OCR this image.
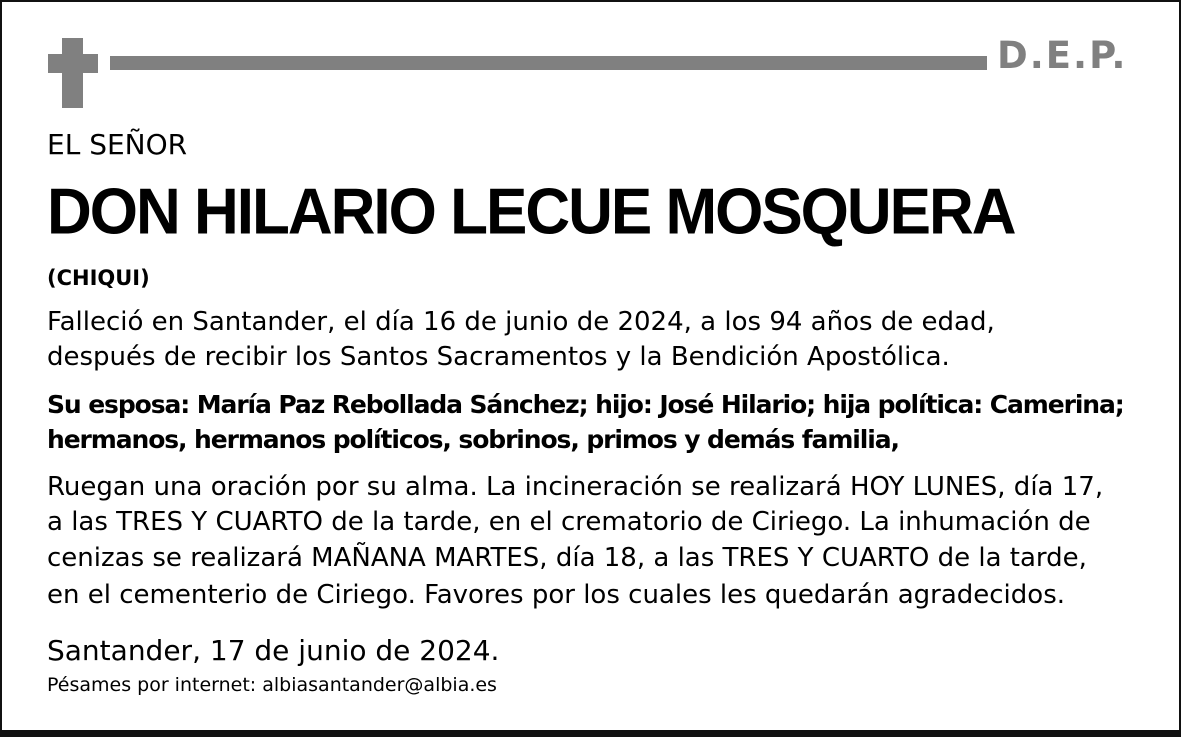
D.E.P.
EL SEÑOR
DON HILARIO LECUE MOSQUERA
(CHIQUI)
Falleció en Santander, el día 16 de junio de 2024, a los 94 años de edad,
después de recibir los Santos Sacramentos y la Bendición Apostólica.
Su esposa: María Paz Rebollada Sánchez; hijo: José Hilario; hija política: Camerina;
hermanos, hermanos políticos, sobrinos, primos y demás familia,
Ruegan una oración por su alma. La incineración se realizará HOY LUNES, día 17,
a las TRES Y CUARTO de la tarde, en el crematorio de Ciriego. La inhumación de
cenizas se realizará MAÑANA MARTES, día 18, a las TRES Y CUARTO de la tarde,
en el cementerio de Ciriego. Favores por los cuales les quedarán agradecidos.
Santander, 17 de junio de 2024.
Pésames por internet: albiasantander@albia.es
